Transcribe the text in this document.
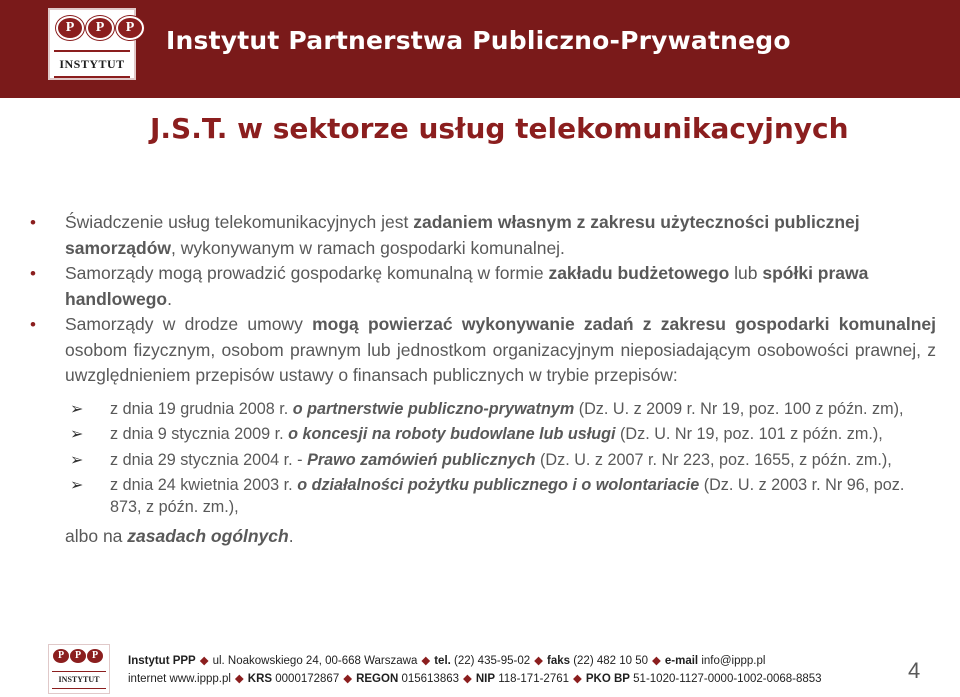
P	P	P
INSTYTUT
Instytut Partnerstwa Publiczno-Prywatnego
J.S.T. w sektorze usług telekomunikacyjnych
• Świadczenie usług telekomunikacyjnych jest zadaniem własnym z zakresu użyteczności publicznej samorządów, wykonywanym w ramach gospodarki komunalnej.
• Samorządy mogą prowadzić gospodarkę komunalną w formie zakładu budżetowego lub spółki prawa handlowego.
• Samorządy w drodze umowy mogą powierzać wykonywanie zadań z zakresu gospodarki komunalnej osobom fizycznym, osobom prawnym lub jednostkom organizacyjnym nieposiadającym osobowości prawnej, z uwzględnieniem przepisów ustawy o finansach publicznych w trybie przepisów:
➢ z dnia 19 grudnia 2008 r. o partnerstwie publiczno-prywatnym (Dz. U. z 2009 r. Nr 19, poz. 100 z późn. zm),
➢ z dnia 9 stycznia 2009 r. o koncesji na roboty budowlane lub usługi (Dz. U. Nr 19, poz. 101 z późn. zm.),
➢ z dnia 29 stycznia 2004 r. - Prawo zamówień publicznych (Dz. U. z 2007 r. Nr 223, poz. 1655, z późn. zm.),
➢ z dnia 24 kwietnia 2003 r. o działalności pożytku publicznego i o wolontariacie (Dz. U. z 2003 r. Nr 96, poz. 873, z późn. zm.),
albo na zasadach ogólnych.
P	P	P
INSTYTUT
Instytut PPP ◆ ul. Noakowskiego 24, 00-668 Warszawa ◆ tel. (22) 435-95-02 ◆ faks (22) 482 10 50 ◆ e-mail info@ippp.pl
internet www.ippp.pl ◆ KRS 0000172867 ◆ REGON 015613863 ◆ NIP 118-171-2761 ◆ PKO BP 51-1020-1127-0000-1002-0068-8853	4
